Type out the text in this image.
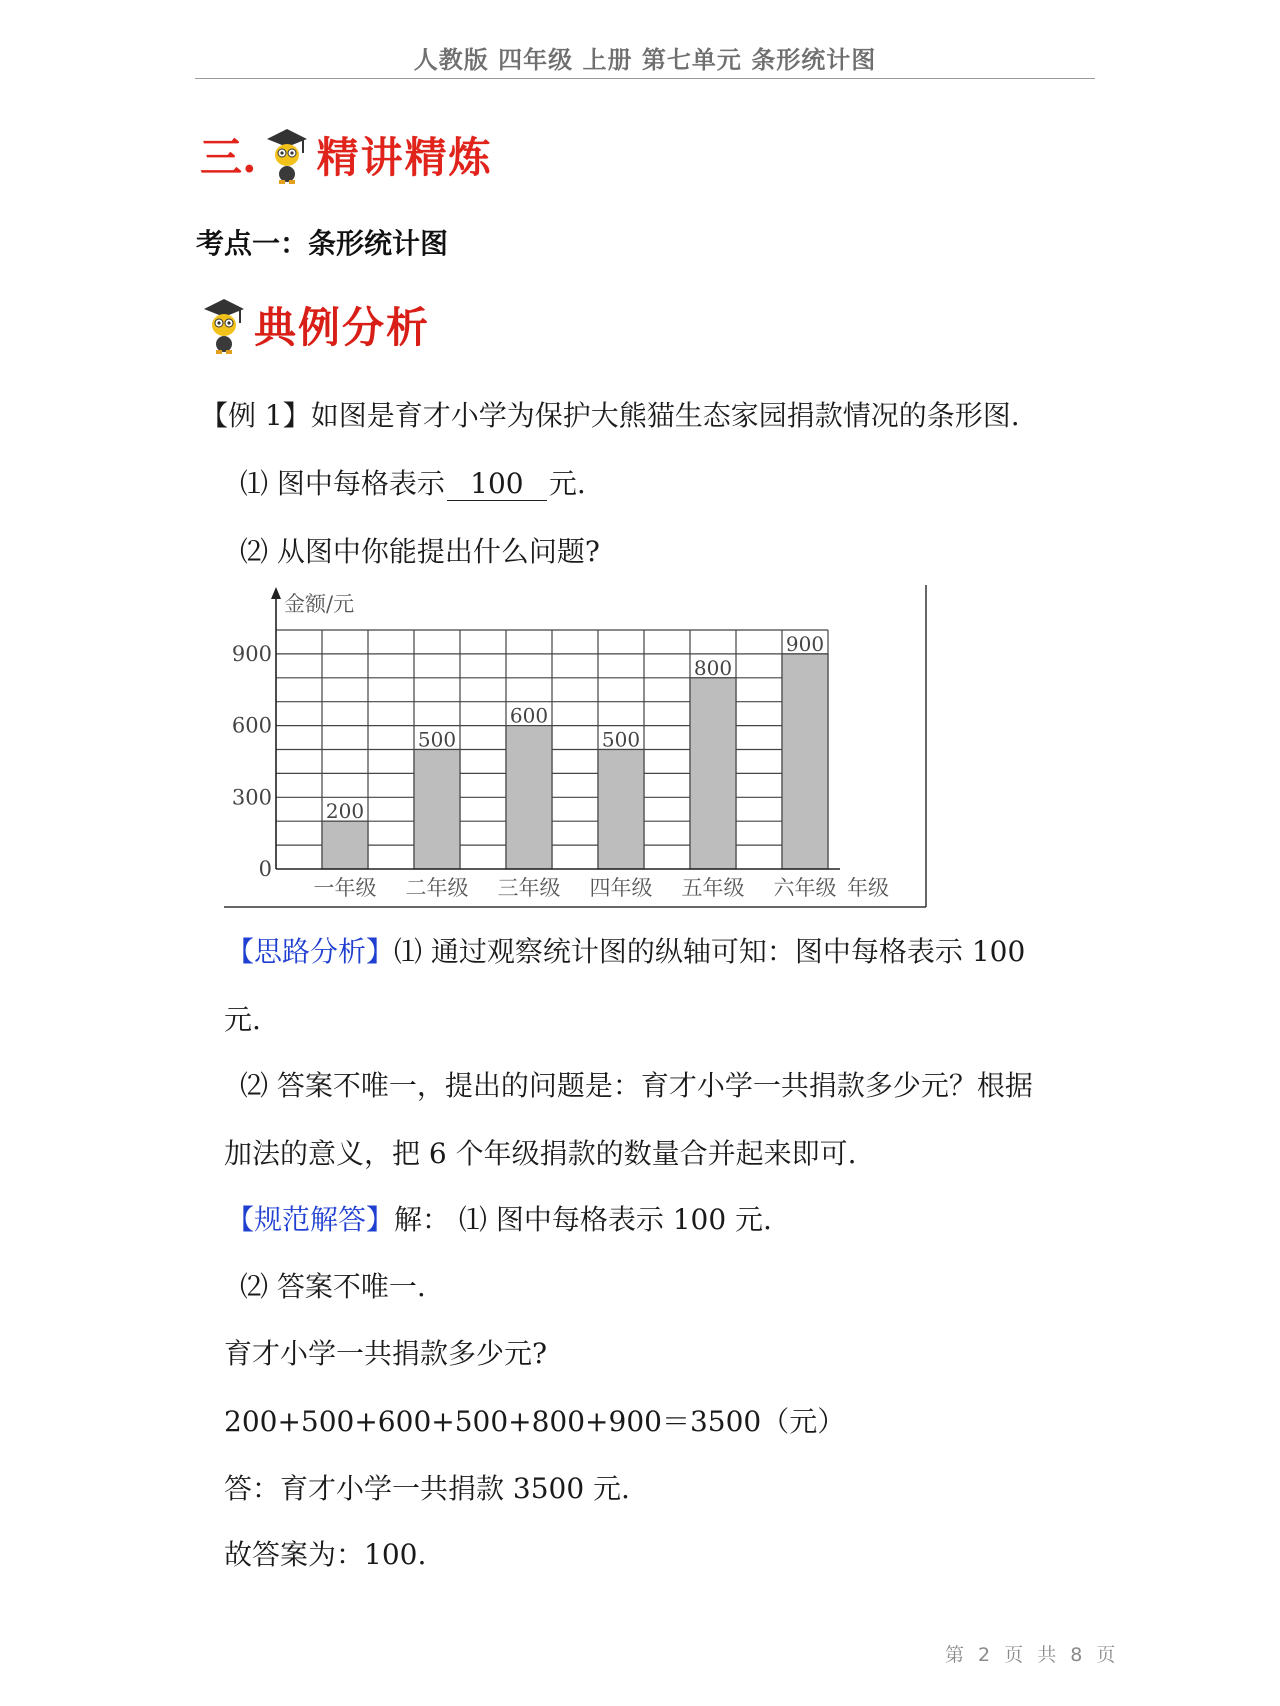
人教版 四年级 上册 第七单元 条形统计图
三. 精讲精炼
考点一：条形统计图
典例分析
【例 1】如图是育才小学为保护大熊猫生态家园捐款情况的条形图.
⑴ 图中每格表示 100 元.
⑵ 从图中你能提出什么问题?
200
一年级
500
二年级
600
三年级
500
四年级
800
五年级
900
六年级
金额/元
年级
0
300
600
900
【思路分析】⑴ 通过观察统计图的纵轴可知：图中每格表示 100
元.
⑵ 答案不唯一，提出的问题是：育才小学一共捐款多少元？根据
加法的意义，把 6 个年级捐款的数量合并起来即可.
【规范解答】解： ⑴ 图中每格表示 100 元.
⑵ 答案不唯一.
育才小学一共捐款多少元?
200+500+600+500+800+900＝3500（元）
答：育才小学一共捐款 3500 元.
故答案为：100.
第 2 页 共 8 页
